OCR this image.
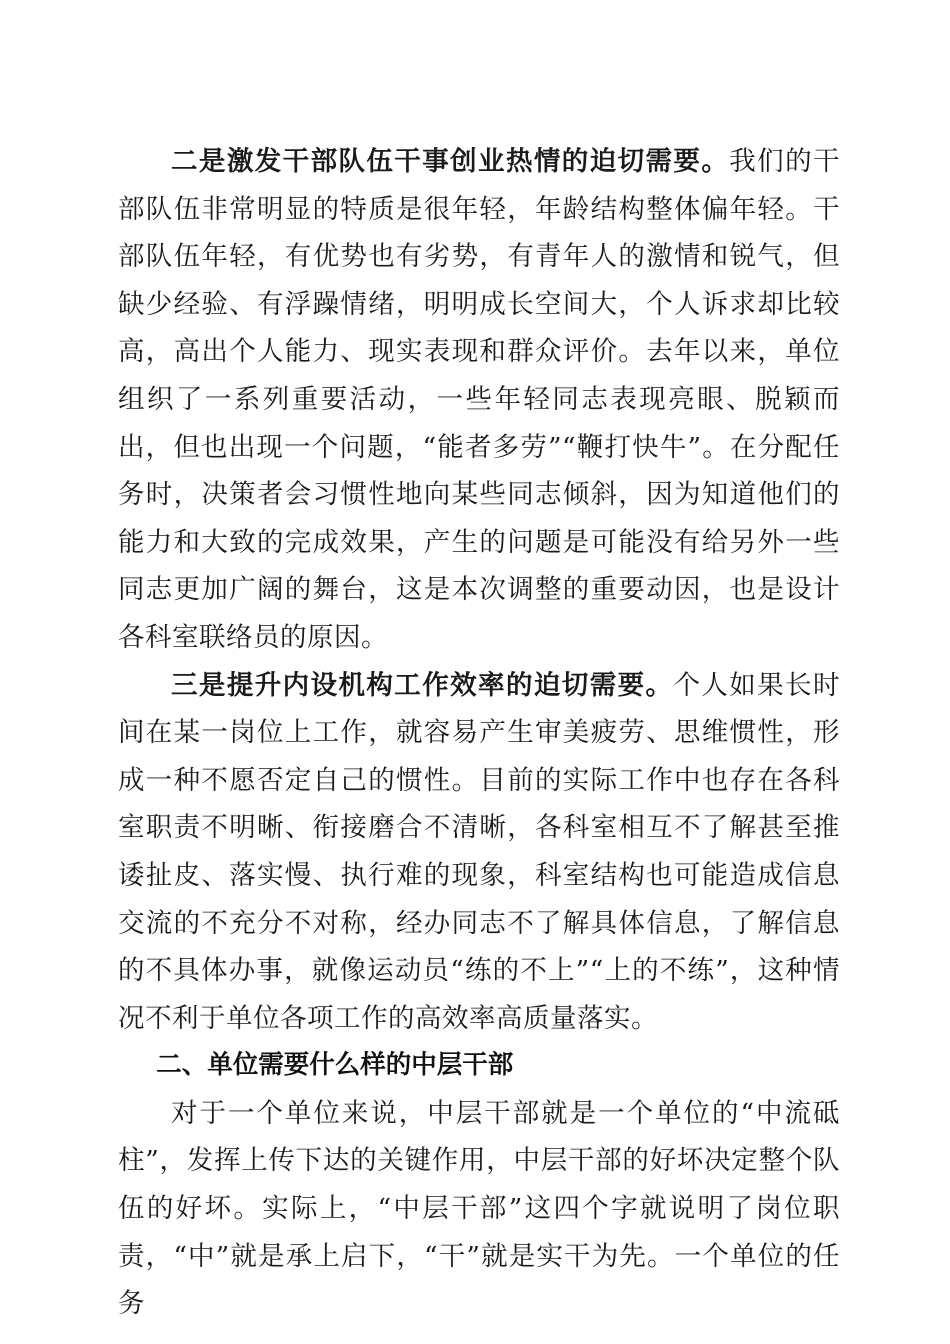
二是激发干部队伍干事创业热情的迫切需要。我们的干部队伍非常明显的特质是很年轻，年龄结构整体偏年轻。干部队伍年轻，有优势也有劣势，有青年人的激情和锐气，但缺少经验、有浮躁情绪，明明成长空间大，个人诉求却比较高，高出个人能力、现实表现和群众评价。去年以来，单位组织了一系列重要活动，一些年轻同志表现亮眼、脱颖而出，但也出现一个问题，“能者多劳”“鞭打快牛”。在分配任务时，决策者会习惯性地向某些同志倾斜，因为知道他们的能力和大致的完成效果，产生的问题是可能没有给另外一些同志更加广阔的舞台，这是本次调整的重要动因，也是设计各科室联络员的原因。

三是提升内设机构工作效率的迫切需要。个人如果长时间在某一岗位上工作，就容易产生审美疲劳、思维惯性，形成一种不愿否定自己的惯性。目前的实际工作中也存在各科室职责不明晰、衔接磨合不清晰，各科室相互不了解甚至推诿扯皮、落实慢、执行难的现象，科室结构也可能造成信息交流的不充分不对称，经办同志不了解具体信息，了解信息的不具体办事，就像运动员“练的不上”“上的不练”，这种情况不利于单位各项工作的高效率高质量落实。

二、单位需要什么样的中层干部

对于一个单位来说，中层干部就是一个单位的“中流砥柱”，发挥上传下达的关键作用，中层干部的好坏决定整个队伍的好坏。实际上，“中层干部”这四个字就说明了岗位职责，“中”就是承上启下，“干”就是实干为先。一个单位的任务
